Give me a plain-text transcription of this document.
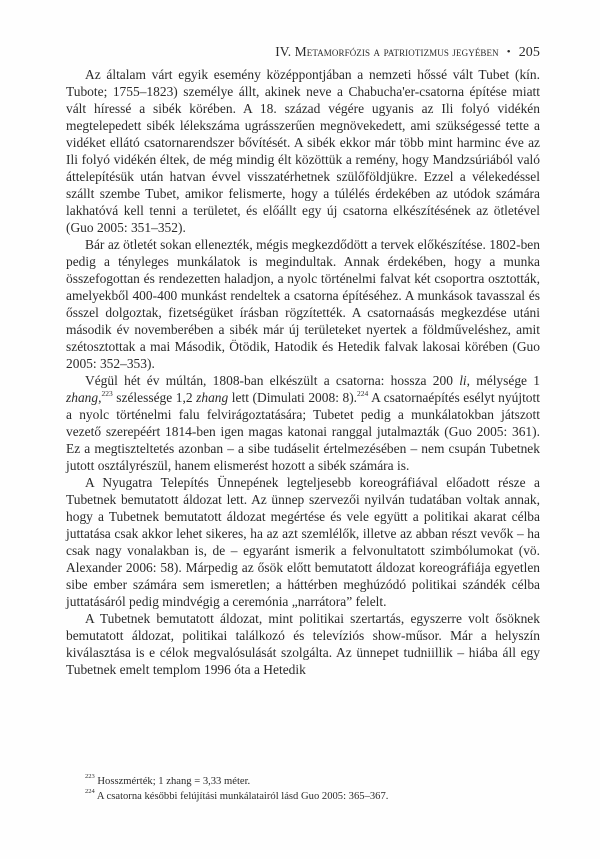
IV.
Metamorfózis a patriotizmus jegyében • 205

Az általam várt egyik esemény középpontjában a nemzeti hőssé vált Tubet (kín. Tubote; 1755–1823) személye állt, akinek neve a Chabucha'er-csatorna építése miatt vált híressé a sibék körében. A 18. század végére ugyanis az Ili folyó vidékén megtelepedett sibék lélekszáma ugrásszerűen megnövekedett, ami szükségessé tette a vidéket ellátó csatornarendszer bővítését. A sibék ekkor már több mint harminc éve az Ili folyó vidékén éltek, de még mindig élt közöttük a remény, hogy Mandzsúriából való áttelepítésük után hatvan évvel visszatérhetnek szülőföldjükre. Ezzel a vélekedéssel szállt szembe Tubet, amikor felismerte, hogy a túlélés érdekében az utódok számára lakhatóvá kell tenni a területet, és előállt egy új csatorna elkészítésének az ötletével (Guo 2005: 351–352).

Bár az ötletét sokan ellenezték, mégis megkezdődött a tervek előkészítése. 1802-ben pedig a tényleges munkálatok is megindultak. Annak érdekében, hogy a munka összefogottan és rendezetten haladjon, a nyolc történelmi falvat két csoportra osztották, amelyekből 400-400 munkást rendeltek a csatorna építéséhez. A munkások tavasszal és ősszel dolgoztak, fizetségüket írásban rögzítették. A csatornaásás megkezdése utáni második év novemberében a sibék már új területeket nyertek a földműveléshez, amit szétosztottak a mai Második, Ötödik, Hatodik és Hetedik falvak lakosai körében (Guo 2005: 352–353).

Végül hét év múltán, 1808-ban elkészült a csatorna: hossza 200 li, mélysége 1 zhang,$^{223}$ szélessége 1,2 zhang lett (Dimulati 2008: 8).$^{224}$ A csatornaépítés esélyt nyújtott a nyolc történelmi falu felvirágoztatására; Tubetet pedig a munkálatokban játszott vezető szerepéért 1814-ben igen magas katonai ranggal jutalmazták (Guo 2005: 361). Ez a megtiszteltetés azonban – a sibe tudáselit értelmezésében – nem csupán Tubetnek jutott osztályrészül, hanem elismerést hozott a sibék számára is.

A Nyugatra Telepítés Ünnepének legteljesebb koreográfiával előadott része a Tubetnek bemutatott áldozat lett. Az ünnep szervezői nyilván tudatában voltak annak, hogy a Tubetnek bemutatott áldozat megértése és vele együtt a politikai akarat célba juttatása csak akkor lehet sikeres, ha az azt szemlélők, illetve az abban részt vevők – ha csak nagy vonalakban is, de – egyaránt ismerik a felvonultatott szimbólumokat (vö. Alexander 2006: 58). Márpedig az ősök előtt bemutatott áldozat koreográfiája egyetlen sibe ember számára sem ismeretlen; a háttérben meghúzódó politikai szándék célba juttatásáról pedig mindvégig a ceremónia „narrátora” felelt.

A Tubetnek bemutatott áldozat, mint politikai szertartás, egyszerre volt ősöknek bemutatott áldozat, politikai találkozó és televíziós show-műsor. Már a helyszín kiválasztása is e célok megvalósulását szolgálta. Az ünnepet tudniillik – hiába áll egy Tubetnek emelt templom 1996 óta a Hetedik

$^{223}$ Hosszmérték; 1 zhang = 3,33 méter.
$^{224}$ A csatorna későbbi felújítási munkálatairól lásd Guo 2005: 365–367.
